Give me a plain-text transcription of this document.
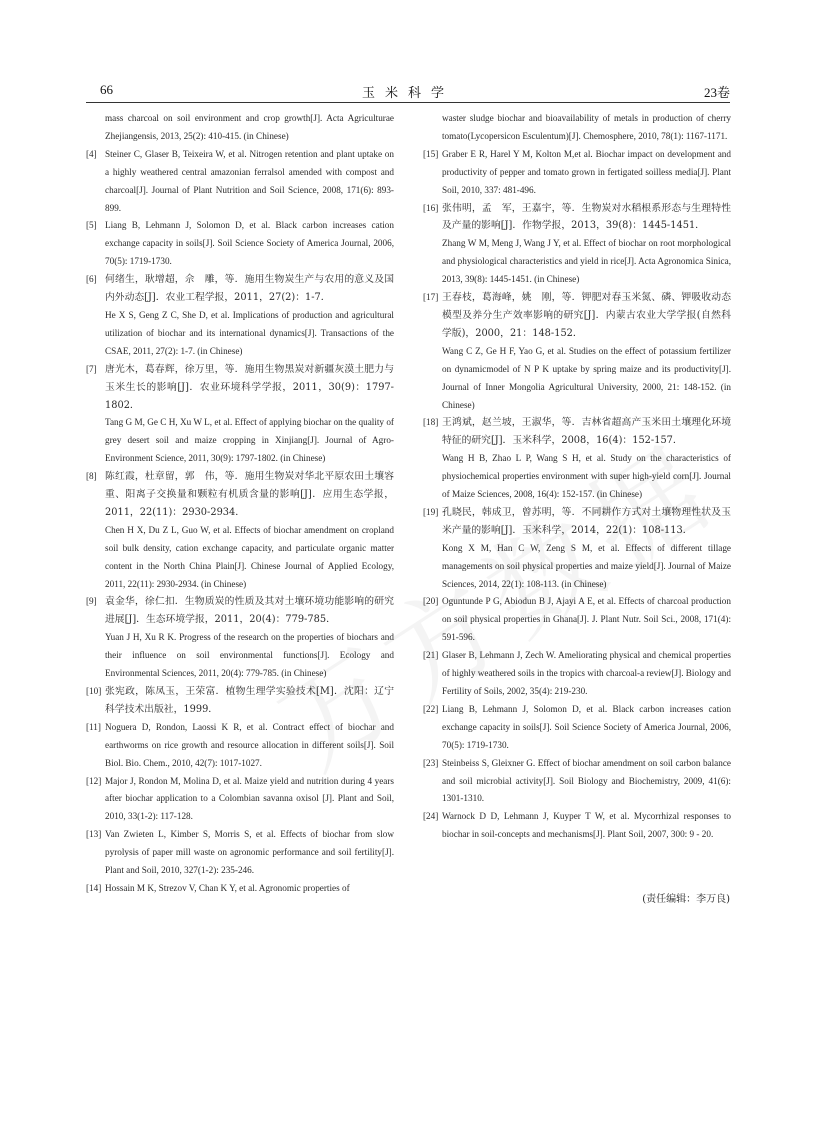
66	玉米科学	23卷
mass charcoal on soil environment and crop growth[J]. Acta Agriculturae Zhejiangensis, 2013, 25(2): 410-415. (in Chinese)
[4] Steiner C, Glaser B, Teixeira W, et al. Nitrogen retention and plant uptake on a highly weathered central amazonian ferralsol amended with compost and charcoal[J]. Journal of Plant Nutrition and Soil Science, 2008, 171(6): 893-899.
[5] Liang B, Lehmann J, Solomon D, et al. Black carbon increases cation exchange capacity in soils[J]. Soil Science Society of America Journal, 2006, 70(5): 1719-1730.
[6] 何绪生，耿增超，佘　雕，等．施用生物炭生产与农用的意义及国内外动态[J]．农业工程学报，2011，27(2)：1-7．
He X S, Geng Z C, She D, et al. Implications of production and agricultural utilization of biochar and its international dynamics[J]. Transactions of the CSAE, 2011, 27(2): 1-7. (in Chinese)
[7] 唐光木，葛春辉，徐万里，等．施用生物黑炭对新疆灰漠土肥力与玉米生长的影响[J]．农业环境科学学报，2011，30(9)：1797-1802．
Tang G M, Ge C H, Xu W L, et al. Effect of applying biochar on the quality of grey desert soil and maize cropping in Xinjiang[J]. Journal of Agro-Environment Science, 2011, 30(9): 1797-1802. (in Chinese)
[8] 陈红霞，杜章留，郭　伟，等．施用生物炭对华北平原农田土壤容重、阳离子交换量和颗粒有机质含量的影响[J]．应用生态学报，2011，22(11)：2930-2934．
Chen H X, Du Z L, Guo W, et al. Effects of biochar amendment on cropland soil bulk density, cation exchange capacity, and particulate organic matter content in the North China Plain[J]. Chinese Journal of Applied Ecology, 2011, 22(11): 2930-2934. (in Chinese)
[9] 袁金华，徐仁扣．生物质炭的性质及其对土壤环境功能影响的研究进展[J]．生态环境学报，2011，20(4)：779-785．
Yuan J H, Xu R K. Progress of the research on the properties of biochars and their influence on soil environmental functions[J]. Ecology and Environmental Sciences, 2011, 20(4): 779-785. (in Chinese)
[10] 张宪政，陈凤玉，王荣富．植物生理学实验技术[M]．沈阳：辽宁科学技术出版社，1999．
[11] Noguera D, Rondon, Laossi K R, et al. Contract effect of biochar and earthworms on rice growth and resource allocation in different soils[J]. Soil Biol. Bio. Chem., 2010, 42(7): 1017-1027.
[12] Major J, Rondon M, Molina D, et al. Maize yield and nutrition during 4 years after biochar application to a Colombian savanna oxisol [J]. Plant and Soil, 2010, 33(1-2): 117-128.
[13] Van Zwieten L, Kimber S, Morris S, et al. Effects of biochar from slow pyrolysis of paper mill waste on agronomic performance and soil fertility[J]. Plant and Soil, 2010, 327(1-2): 235-246.
[14] Hossain M K, Strezov V, Chan K Y, et al. Agronomic properties of
waster sludge biochar and bioavailability of metals in production of cherry tomato(Lycopersicon Esculentum)[J]. Chemosphere, 2010, 78(1): 1167-1171.
[15] Graber E R, Harel Y M, Kolton M,et al. Biochar impact on development and productivity of pepper and tomato grown in fertigated soilless media[J]. Plant Soil, 2010, 337: 481-496.
[16] 张伟明，孟　军，王嘉宇，等．生物炭对水稻根系形态与生理特性及产量的影响[J]．作物学报，2013，39(8)：1445-1451．
Zhang W M, Meng J, Wang J Y, et al. Effect of biochar on root morphological and physiological characteristics and yield in rice[J]. Acta Agronomica Sinica, 2013, 39(8): 1445-1451. (in Chinese)
[17] 王春枝，葛海峰，姚　刚，等．钾肥对春玉米氮、磷、钾吸收动态模型及养分生产效率影响的研究[J]．内蒙古农业大学学报(自然科学版)，2000，21：148-152．
Wang C Z, Ge H F, Yao G, et al. Studies on the effect of potassium fertilizer on dynamicmodel of N P K uptake by spring maize and its productivity[J]. Journal of Inner Mongolia Agricultural University, 2000, 21: 148-152. (in Chinese)
[18] 王鸿斌，赵兰坡，王淑华，等．吉林省超高产玉米田土壤理化环境特征的研究[J]．玉米科学，2008，16(4)：152-157．
Wang H B, Zhao L P, Wang S H, et al. Study on the characteristics of physiochemical properties environment with super high-yield corn[J]. Journal of Maize Sciences, 2008, 16(4): 152-157. (in Chinese)
[19] 孔晓民，韩成卫，曾苏明，等．不同耕作方式对土壤物理性状及玉米产量的影响[J]．玉米科学，2014，22(1)：108-113．
Kong X M, Han C W, Zeng S M, et al. Effects of different tillage managements on soil physical properties and maize yield[J]. Journal of Maize Sciences, 2014, 22(1): 108-113. (in Chinese)
[20] Oguntunde P G, Abiodun B J, Ajayi A E, et al. Effects of charcoal production on soil physical properties in Ghana[J]. J. Plant Nutr. Soil Sci., 2008, 171(4): 591-596.
[21] Glaser B, Lehmann J, Zech W. Ameliorating physical and chemical properties of highly weathered soils in the tropics with charcoal-a review[J]. Biology and Fertility of Soils, 2002, 35(4): 219-230.
[22] Liang B, Lehmann J, Solomon D, et al. Black carbon increases cation exchange capacity in soils[J]. Soil Science Society of America Journal, 2006, 70(5): 1719-1730.
[23] Steinbeiss S, Gleixner G. Effect of biochar amendment on soil carbon balance and soil microbial activity[J]. Soil Biology and Biochemistry, 2009, 41(6): 1301-1310.
[24] Warnock D D, Lehmann J, Kuyper T W, et al. Mycorrhizal responses to biochar in soil-concepts and mechanisms[J]. Plant Soil, 2007, 300: 9 - 20.
(责任编辑：李万良)
